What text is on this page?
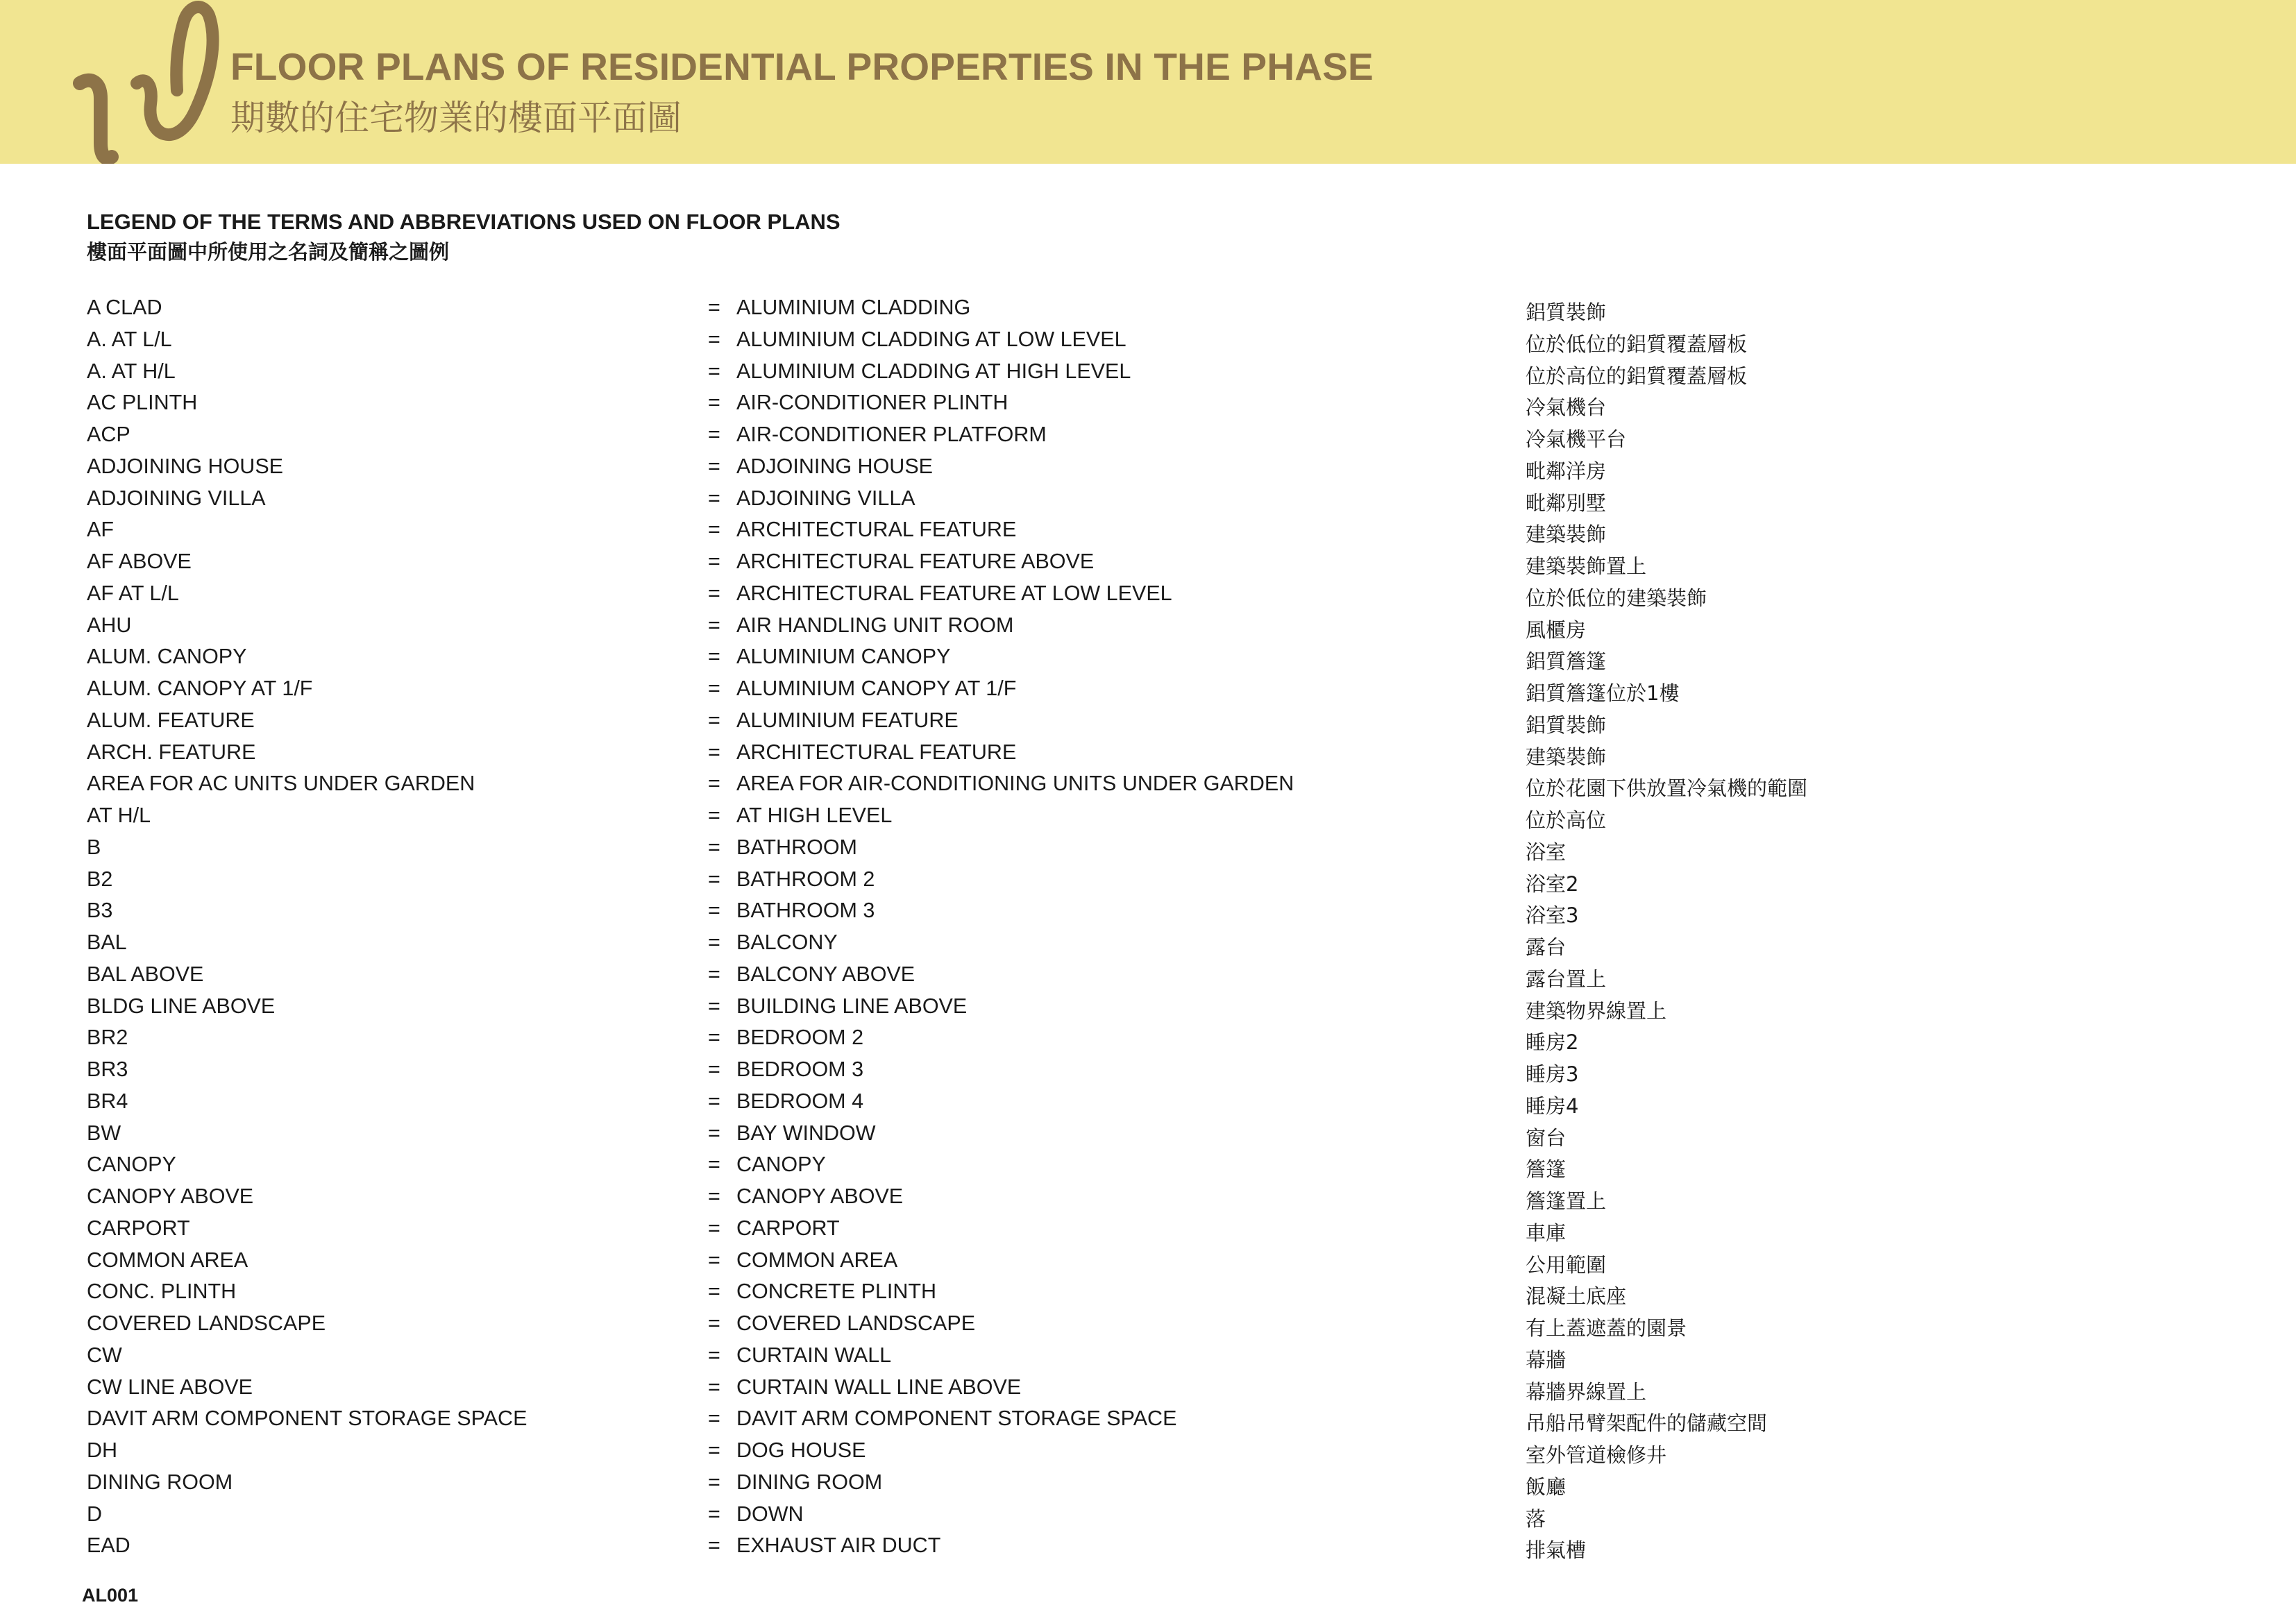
FLOOR PLANS OF RESIDENTIAL PROPERTIES IN THE PHASE
期數的住宅物業的樓面平面圖
LEGEND OF THE TERMS AND ABBREVIATIONS USED ON FLOOR PLANS
樓面平面圖中所使用之名詞及簡稱之圖例
A CLAD	= ALUMINIUM CLADDING	鋁質裝飾
A. AT L/L	= ALUMINIUM CLADDING AT LOW LEVEL	位於低位的鋁質覆蓋層板
A. AT H/L	= ALUMINIUM CLADDING AT HIGH LEVEL	位於高位的鋁質覆蓋層板
AC PLINTH	= AIR-CONDITIONER PLINTH	冷氣機台
ACP	= AIR-CONDITIONER PLATFORM	冷氣機平台
ADJOINING HOUSE	= ADJOINING HOUSE	毗鄰洋房
ADJOINING VILLA	= ADJOINING VILLA	毗鄰別墅
AF	= ARCHITECTURAL FEATURE	建築裝飾
AF ABOVE	= ARCHITECTURAL FEATURE ABOVE	建築裝飾置上
AF AT L/L	= ARCHITECTURAL FEATURE AT LOW LEVEL	位於低位的建築裝飾
AHU	= AIR HANDLING UNIT ROOM	風櫃房
ALUM. CANOPY	= ALUMINIUM CANOPY	鋁質簷篷
ALUM. CANOPY AT 1/F	= ALUMINIUM CANOPY AT 1/F	鋁質簷篷位於1樓
ALUM. FEATURE	= ALUMINIUM FEATURE	鋁質裝飾
ARCH. FEATURE	= ARCHITECTURAL FEATURE	建築裝飾
AREA FOR AC UNITS UNDER GARDEN	= AREA FOR AIR-CONDITIONING UNITS UNDER GARDEN	位於花園下供放置冷氣機的範圍
AT H/L	= AT HIGH LEVEL	位於高位
B	= BATHROOM	浴室
B2	= BATHROOM 2	浴室2
B3	= BATHROOM 3	浴室3
BAL	= BALCONY	露台
BAL ABOVE	= BALCONY ABOVE	露台置上
BLDG LINE ABOVE	= BUILDING LINE ABOVE	建築物界線置上
BR2	= BEDROOM 2	睡房2
BR3	= BEDROOM 3	睡房3
BR4	= BEDROOM 4	睡房4
BW	= BAY WINDOW	窗台
CANOPY	= CANOPY	簷篷
CANOPY ABOVE	= CANOPY ABOVE	簷篷置上
CARPORT	= CARPORT	車庫
COMMON AREA	= COMMON AREA	公用範圍
CONC. PLINTH	= CONCRETE PLINTH	混凝土底座
COVERED LANDSCAPE	= COVERED LANDSCAPE	有上蓋遮蓋的園景
CW	= CURTAIN WALL	幕牆
CW LINE ABOVE	= CURTAIN WALL LINE ABOVE	幕牆界線置上
DAVIT ARM COMPONENT STORAGE SPACE	= DAVIT ARM COMPONENT STORAGE SPACE	吊船吊臂架配件的儲藏空間
DH	= DOG HOUSE	室外管道檢修井
DINING ROOM	= DINING ROOM	飯廳
D	= DOWN	落
EAD	= EXHAUST AIR DUCT	排氣槽
AL001
